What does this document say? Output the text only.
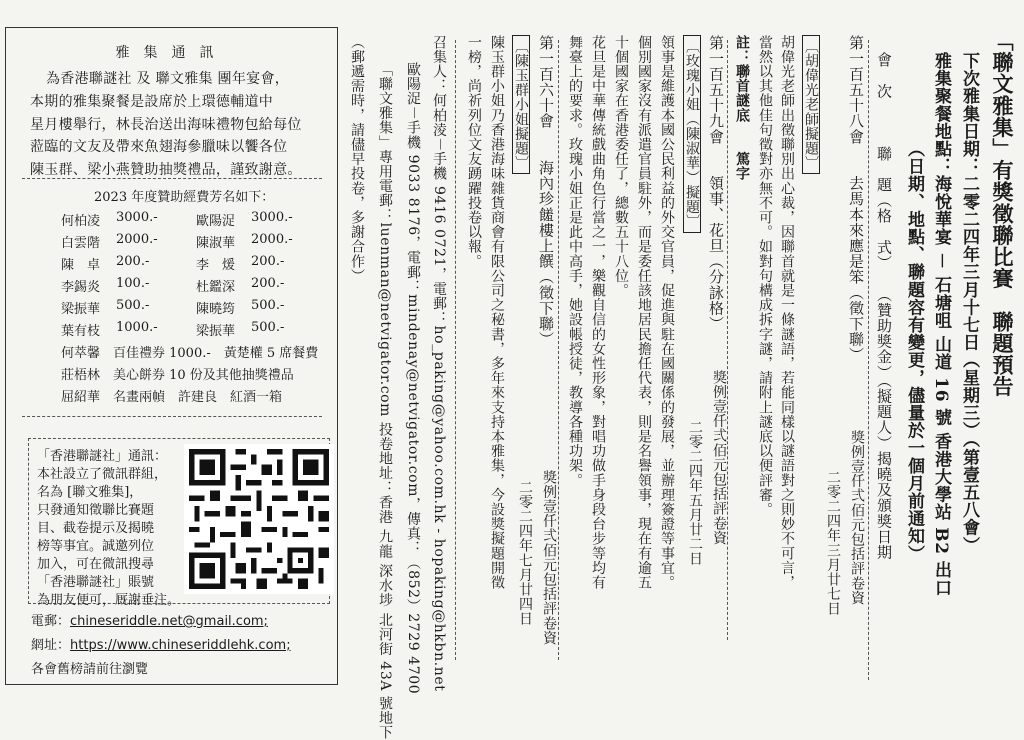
雅集通訊
為香港聯謎社 及 聯文雅集 團年宴會，
本期的雅集聚餐是設席於上環德輔道中
星月樓舉行，林長治送出海味禮物包給每位
蒞臨的文友及帶來魚翅海參臘味以饗各位
陳玉群、梁小燕贊助抽獎禮品，謹致謝意。
2023 年度贊助經費芳名如下：
何柏凌 3000.-	歐陽浞 3000.-
白雲階 2000.-	陳淑華 2000.-
陳　卓 200.-	李　煖 200.-
李錫炎 100.-	杜鑑深 200.-
梁振華 500.-	陳曉筠 500.-
葉有枝 1000.-	梁振華 500.-
何萃馨　百佳禮券 1000.-　黃楚權 5 席餐費
莊梧林　美心餅券 10 份及其他抽獎禮品
屈紹華　名畫兩幀　許建良　紅酒一箱
「香港聯謎社」通訊：
本社設立了微訊群組，
名為 [聯文雅集]，
只發通知徵聯比賽題
目、截卷提示及揭曉
榜等事宜。誠邀列位
加入，可在微訊搜尋
「香港聯謎社」賬號
為朋友便可，厩謝垂注。
電郵：chineseriddle.net@gmail.com;
網址：https://www.chineseriddlehk.com;
各會舊榜請前往瀏覽
「聯文雅集」有獎徵聯比賽　聯題預告
下次雅集日期：二零二四年三月十七日（星期三）（第壹五八會）
雅集聚餐地點：海悅華宴 － 石塘咀 山道 16 號 香港大學站 B2 出口
（日期、地點、聯題容有變更，儘量於一個月前通知）
會　次　　　聯　題（格　式）　　（贊助獎金）（擬題人）揭曉及頒獎日期
第一百五十八會　　去馬本來應是笨（徵下聯）
獎例壹仟弍佰元包括評卷資
二零二四年三月廿七日
〔胡偉光老師擬題〕
胡偉光老師出徵聯別出心裁，因聯首就是一條謎語，若能同樣以謎語對之則妙不可言，
當然以其他佳句徵對亦無不可。如對句構成拆字謎，請附上謎底以便評審。
註：聯首謎底　　篤字
第一百五十九會　　領事、花旦（分詠格）
獎例壹仟弍佰元包括評卷資
〔玫瑰小姐（陳淑華）擬題〕
二零二四年五月廿二日
領事是維護本國公民利益的外交官員，促進與駐在國關係的發展，並辦理簽證等事宜。
個別國家沒有派遣官員駐外，而是委任該地居民擔任代表，則是名譽領事，現在有逾五
十個國家在香港委任了，總數五十八位。
花旦是中華傳統戲曲角色行當之一，樂觀自信的女性形象，對唱功做手身段台步等均有
舞臺上的要求。玫瑰小姐正是此中高手，她設帳授徒，教導各種功架。
第一百六十會　　海內珍饈樓上饌（徵下聯）
獎例壹仟弍佰元包括評卷資
〔陳玉群小姐擬題〕
二零二四年七月廿四日
陳玉群小姐乃香港海味雜貨商會有限公司之秘書，多年來支持本雅集，今設獎擬題開徵
一榜，尚祈列位文友踴躍投卷以報。
召集人：何柏淩－手機 9416 0721，電郵：ho_paking@yahoo.com.hk - hopaking@hkbn.net
歐陽浞－手機 9033 8176，電郵：mindenay@netvigator.com，傳真：（852）2729 4700
「聯文雅集」專用電郵：luenman@netvigator.com 投卷地址：香港 九龍 深水埗 北河街 43A 號地下
（郵遞需時，請儘早投卷，多謝合作）
